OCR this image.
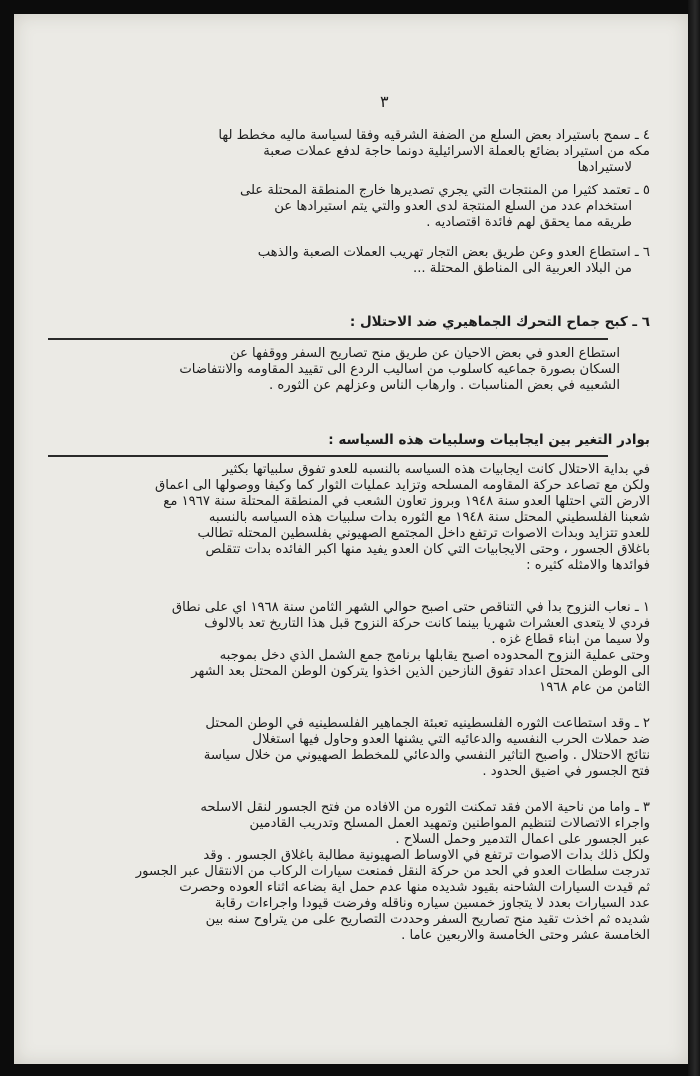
٣
٤ ـ سمح باستيراد بعض السلع من الضفة الشرقيه وفقا لسياسة ماليه مخطط لها
مكه من استيراد بضائع بالعملة الاسرائيلية دونما حاجة لدفع عملات صعبة
لاستيرادها
٥ ـ تعتمد كثيرا من المنتجات التي يجري تصديرها خارج المنطقة المحتلة على
استخدام عدد من السلع المنتجة لدى العدو والتي يتم استيرادها عن
طريقه مما يحقق لهم فائدة اقتصاديه .
٦ ـ استطاع العدو وعن طريق بعض التجار تهريب العملات الصعبة والذهب
من البلاد العربية الى المناطق المحتلة ...
٦ ـ كبح جماح التحرك الجماهيري ضد الاحتلال :
استطاع العدو في بعض الاحيان عن طريق منح تصاريح السفر ووقفها عن
السكان بصورة جماعيه كاسلوب من اساليب الردع الى تقييد المقاومه والانتفاضات
الشعبيه في بعض المناسبات . وارهاب الناس وعزلهم عن الثوره .
بوادر التغير بين ايجابيات وسلبيات هذه السياسه :
في بداية الاحتلال كانت ايجابيات هذه السياسه بالنسبه للعدو تفوق سلبياتها بكثير
ولكن مع تصاعد حركة المقاومه المسلحه وتزايد عمليات الثوار كما وكيفا ووصولها الى اعماق
الارض التي احتلها العدو سنة ١٩٤٨ وبروز تعاون الشعب في المنطقة المحتلة سنة ١٩٦٧ مع
شعبنا الفلسطيني المحتل سنة ١٩٤٨ مع الثوره بدأت سلبيات هذه السياسه بالنسبه
للعدو تتزايد وبدأت الاصوات ترتفع داخل المجتمع الصهيوني بفلسطين المحتله تطالب
باغلاق الجسور ، وحتى الايجابيات التي كان العدو يفيد منها اكبر الفائده بدأت تتقلص
فوائدها والامثله كثيره :
١ ـ نعاب النزوح بدأ في التناقص حتى اصبح حوالي الشهر الثامن سنة ١٩٦٨ اي على نطاق
فردي لا يتعدى العشرات شهريا بينما كانت حركة النزوح قبل هذا التاريخ تعد بالالوف
ولا سيما من ابناء قطاع غزه .
وحتى عملية النزوح المحدوده اصبح يقابلها برنامج جمع الشمل الذي دخل بموجبه
الى الوطن المحتل اعداد تفوق النازحين الذين اخذوا يتركون الوطن المحتل بعد الشهر
الثامن من عام ١٩٦٨
٢ ـ وقد استطاعت الثوره الفلسطينيه تعبئة الجماهير الفلسطينيه في الوطن المحتل
ضد حملات الحرب النفسيه والدعائيه التي يشنها العدو وحاول فيها استغلال
نتائج الاحتلال . واصبح التأثير النفسي والدعائي للمخطط الصهيوني من خلال سياسة
فتح الجسور في اضيق الحدود .
٣ ـ واما من ناحية الامن فقد تمكنت الثوره من الافاده من فتح الجسور لنقل الاسلحه
واجراء الاتصالات لتنظيم المواطنين وتمهيد العمل المسلح وتدريب القادمين
عبر الجسور على اعمال التدمير وحمل السلاح .
ولكل ذلك بدأت الاصوات ترتفع في الاوساط الصهيونية مطالبة باغلاق الجسور . وقد
تدرجت سلطات العدو في الحد من حركة النقل فمنعت سيارات الركاب من الانتقال عبر الجسور
ثم قيدت السيارات الشاحنه بقيود شديده منها عدم حمل اية بضاعه اثناء العوده وحصرت
عدد السيارات بعدد لا يتجاوز خمسين سياره وناقله وفرضت قيودا واجراءات رقابة
شديده ثم اخذت تقيد منح تصاريح السفر وحددت التصاريح على من يتراوح سنه بين
الخامسة عشر وحتى الخامسة والاربعين عاما .
